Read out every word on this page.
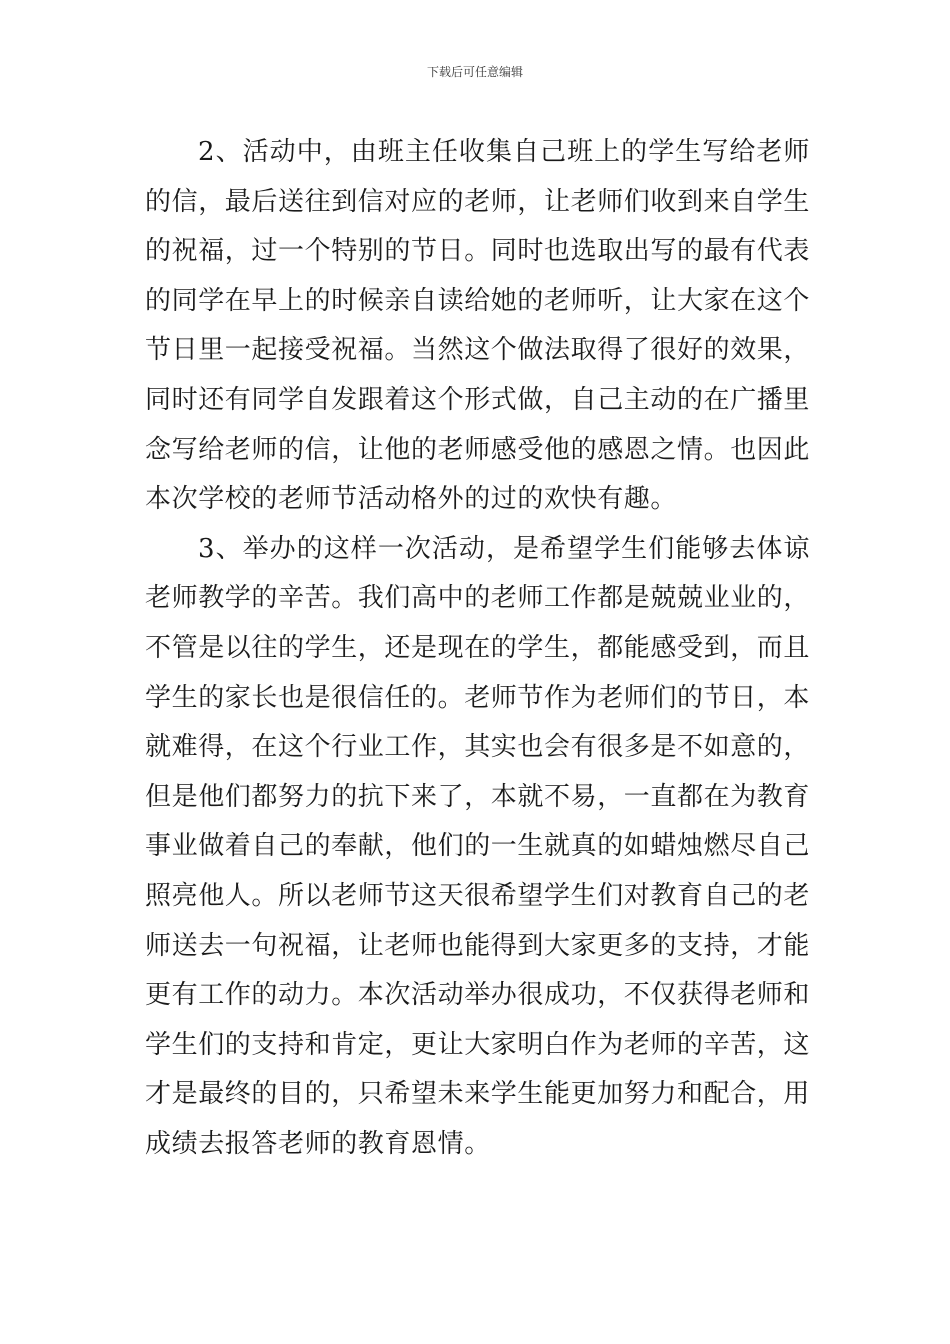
下载后可任意编辑

2、活动中，由班主任收集自己班上的学生写给老师的信，最后送往到信对应的老师，让老师们收到来自学生的祝福，过一个特别的节日。同时也选取出写的最有代表的同学在早上的时候亲自读给她的老师听，让大家在这个节日里一起接受祝福。当然这个做法取得了很好的效果，同时还有同学自发跟着这个形式做，自己主动的在广播里念写给老师的信，让他的老师感受他的感恩之情。也因此本次学校的老师节活动格外的过的欢快有趣。

3、举办的这样一次活动，是希望学生们能够去体谅老师教学的辛苦。我们高中的老师工作都是兢兢业业的，不管是以往的学生，还是现在的学生，都能感受到，而且学生的家长也是很信任的。老师节作为老师们的节日，本就难得，在这个行业工作，其实也会有很多是不如意的，但是他们都努力的抗下来了，本就不易，一直都在为教育事业做着自己的奉献，他们的一生就真的如蜡烛燃尽自己照亮他人。所以老师节这天很希望学生们对教育自己的老师送去一句祝福，让老师也能得到大家更多的支持，才能更有工作的动力。本次活动举办很成功，不仅获得老师和学生们的支持和肯定，更让大家明白作为老师的辛苦，这才是最终的目的，只希望未来学生能更加努力和配合，用成绩去报答老师的教育恩情。
